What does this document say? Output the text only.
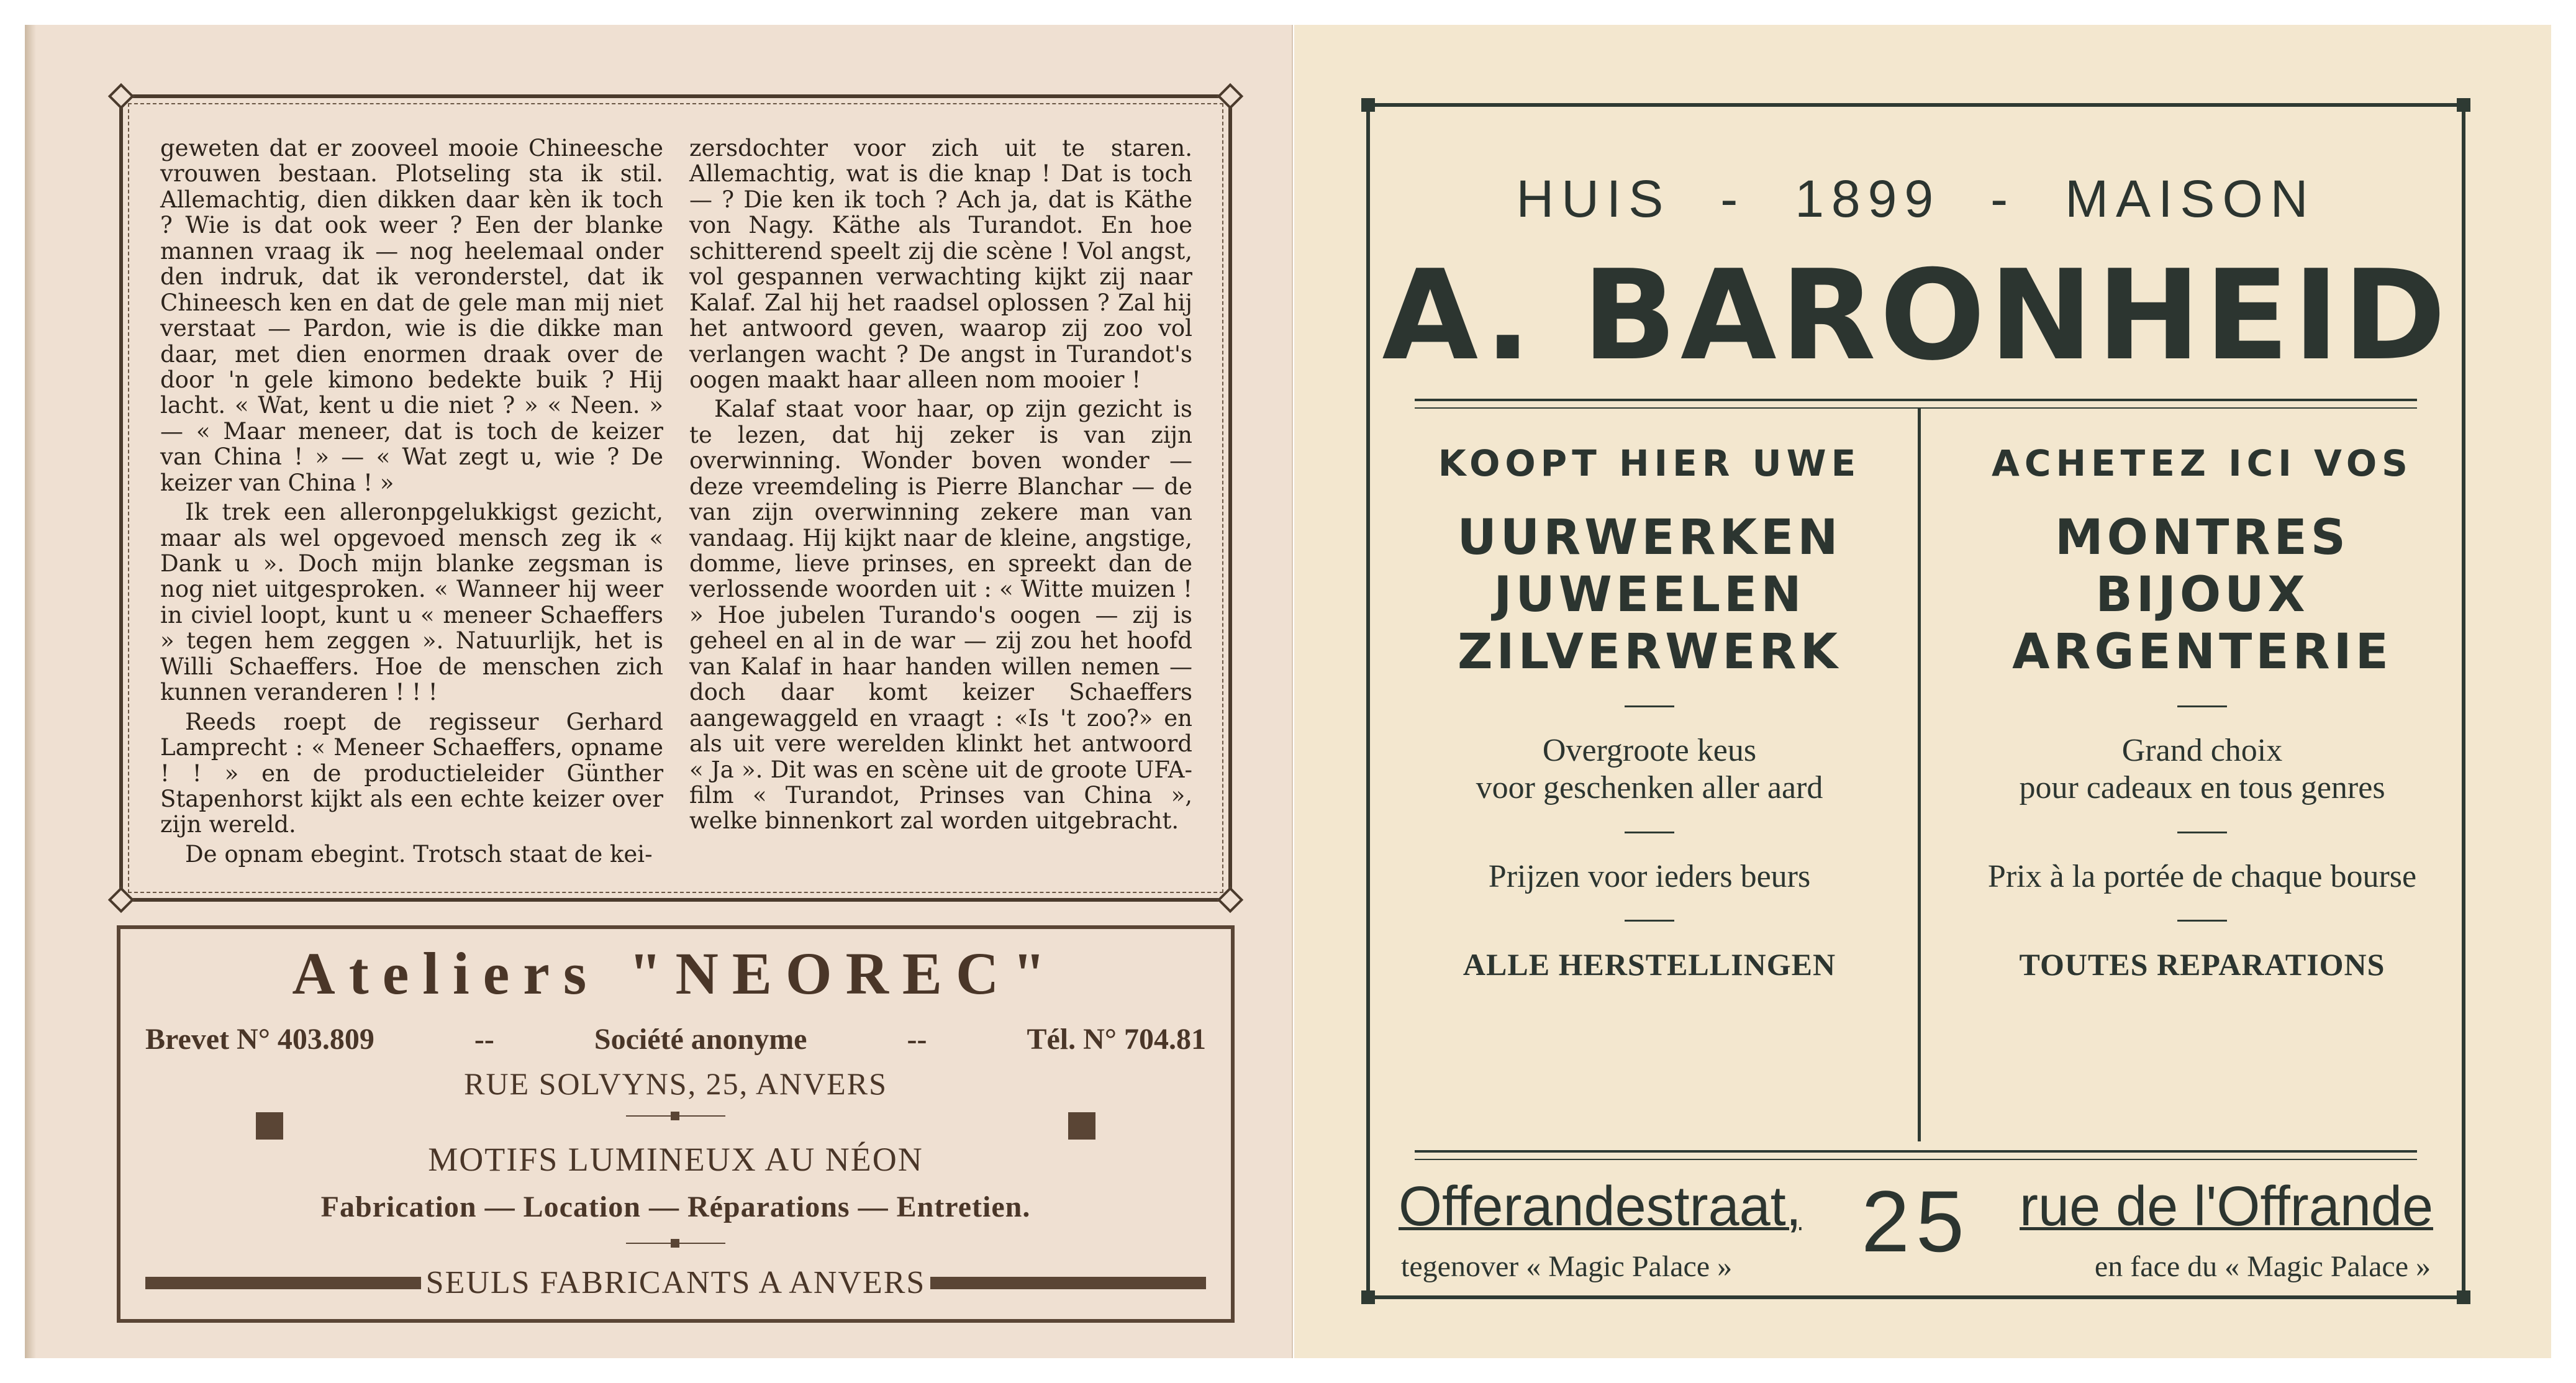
geweten dat er zooveel mooie Chineesche vrouwen bestaan. Plotseling sta ik stil. Allemachtig, dien dikken daar kèn ik toch ? Wie is dat ook weer ? Een der blanke mannen vraag ik — nog heelemaal onder den indruk, dat ik veronderstel, dat ik Chineesch ken en dat de gele man mij niet verstaat — Pardon, wie is die dikke man daar, met dien enormen draak over de door 'n gele kimono bedekte buik ? Hij lacht. « Wat, kent u die niet ? » « Neen. » — « Maar meneer, dat is toch de keizer van China ! » — « Wat zegt u, wie ? De keizer van China ! »

Ik trek een alleronpgelukkigst gezicht, maar als wel opgevoed mensch zeg ik « Dank u ». Doch mijn blanke zegsman is nog niet uitgesproken. « Wanneer hij weer in civiel loopt, kunt u « meneer Schaeffers » tegen hem zeggen ». Natuurlijk, het is Willi Schaeffers. Hoe de menschen zich kunnen veranderen ! ! !

Reeds roept de regisseur Gerhard Lamprecht : « Meneer Schaeffers, opname ! ! » en de productieleider Günther Stapenhorst kijkt als een echte keizer over zijn wereld.

De opnam ebegint. Trotsch staat de kei-

zersdochter voor zich uit te staren. Allemachtig, wat is die knap ! Dat is toch — ? Die ken ik toch ? Ach ja, dat is Käthe von Nagy. Käthe als Turandot. En hoe schitterend speelt zij die scène ! Vol angst, vol gespannen verwachting kijkt zij naar Kalaf. Zal hij het raadsel oplossen ? Zal hij het antwoord geven, waarop zij zoo vol verlangen wacht ? De angst in Turandot's oogen maakt haar alleen nom mooier !

Kalaf staat voor haar, op zijn gezicht is te lezen, dat hij zeker is van zijn overwinning. Wonder boven wonder — deze vreemdeling is Pierre Blanchar — de van zijn overwinning zekere man van vandaag. Hij kijkt naar de kleine, angstige, domme, lieve prinses, en spreekt dan de verlossende woorden uit : « Witte muizen ! » Hoe jubelen Turando's oogen — zij is geheel en al in de war — zij zou het hoofd van Kalaf in haar handen willen nemen — doch daar komt keizer Schaeffers aangewaggeld en vraagt : «Is 't zoo?» en als uit vere werelden klinkt het antwoord « Ja ». Dit was en scène uit de groote UFA-film « Turandot, Prinses van China », welke binnenkort zal worden uitgebracht.

Ateliers "NEOREC"
Brevet N° 403.809	--	Société anonyme	--	Tél. N° 704.81
RUE SOLVYNS, 25, ANVERS
MOTIFS LUMINEUX AU NÉON
Fabrication — Location — Réparations — Entretien.
SEULS FABRICANTS A ANVERS
HUIS - 1899 - MAISON
A. BARONHEID
KOOPT HIER UWE
UURWERKEN
JUWEELEN
ZILVERWERK
Overgroote keus
voor geschenken aller aard
Prijzen voor ieders beurs
ALLE HERSTELLINGEN
ACHETEZ ICI VOS
MONTRES
BIJOUX
ARGENTERIE
Grand choix
pour cadeaux en tous genres
Prix à la portée de chaque bourse
TOUTES REPARATIONS
Offerandestraat, 25 rue de l'Offrande
tegenover « Magic Palace »	en face du « Magic Palace »
